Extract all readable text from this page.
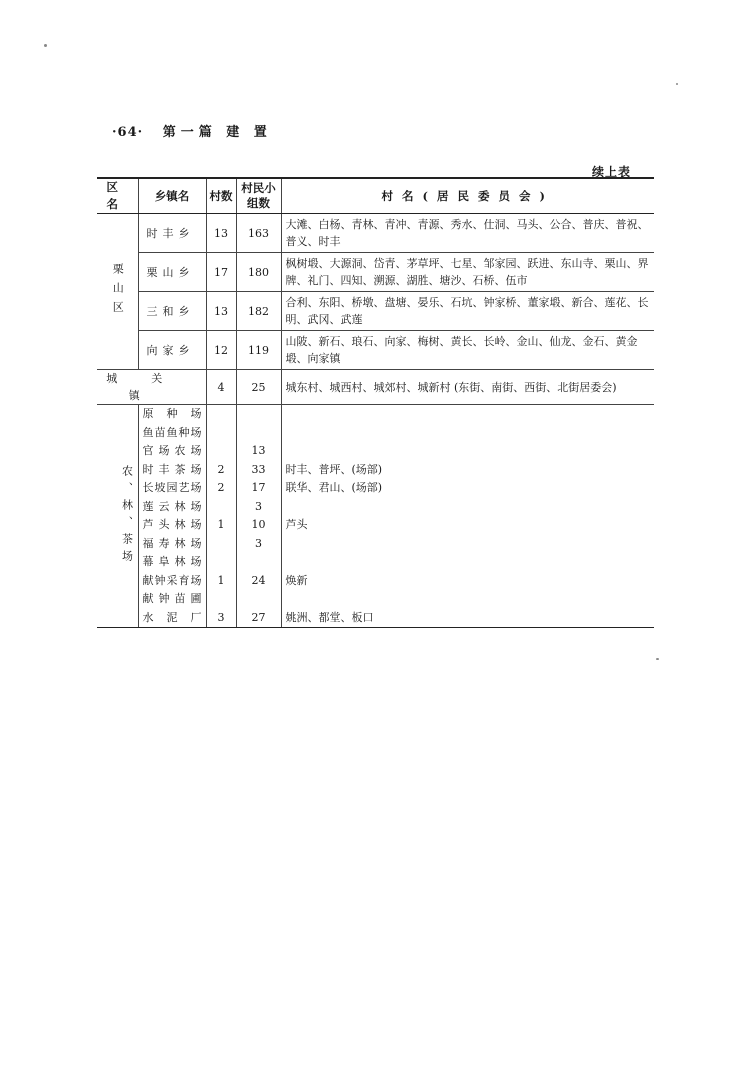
·64· 第一篇 建 置
续上表
区 名	乡镇名	村数	村民小组数	村名(居民委员会)
栗山区	时丰乡	13	163	大滩、白杨、青林、青冲、青源、秀水、仕洞、马头、公合、普庆、普祝、普义、时丰
	栗山乡	17	180	枫树塅、大源洞、岱青、茅草坪、七星、邹家园、跃进、东山寺、栗山、界牌、礼门、四知、溯源、湖胜、塘沙、石桥、伍市
	三和乡	13	182	合利、东阳、桥墩、盘塘、晏乐、石坑、钟家桥、董家塅、新合、莲花、长明、武冈、武莲
	向家乡	12	119	山陂、新石、琅石、向家、梅树、黄长、长岭、金山、仙龙、金石、黄金塅、向家镇
城关镇		4	25	城东村、城西村、城郊村、城新村 (东街、南街、西街、北街居委会)
农、林、茶场	原种场			
	鱼苗鱼种场			
	官场农场		13	
	时丰茶场	2	33	时丰、普坪、(场部)
	长坡园艺场	2	17	联华、君山、(场部)
	莲云林场		3	
	芦头林场	1	10	芦头
	福寿林场		3	
	幕阜林场			
	献钟采育场	1	24	焕新
	献钟苗圃			
	水泥厂	3	27	姚洲、都堂、板口
